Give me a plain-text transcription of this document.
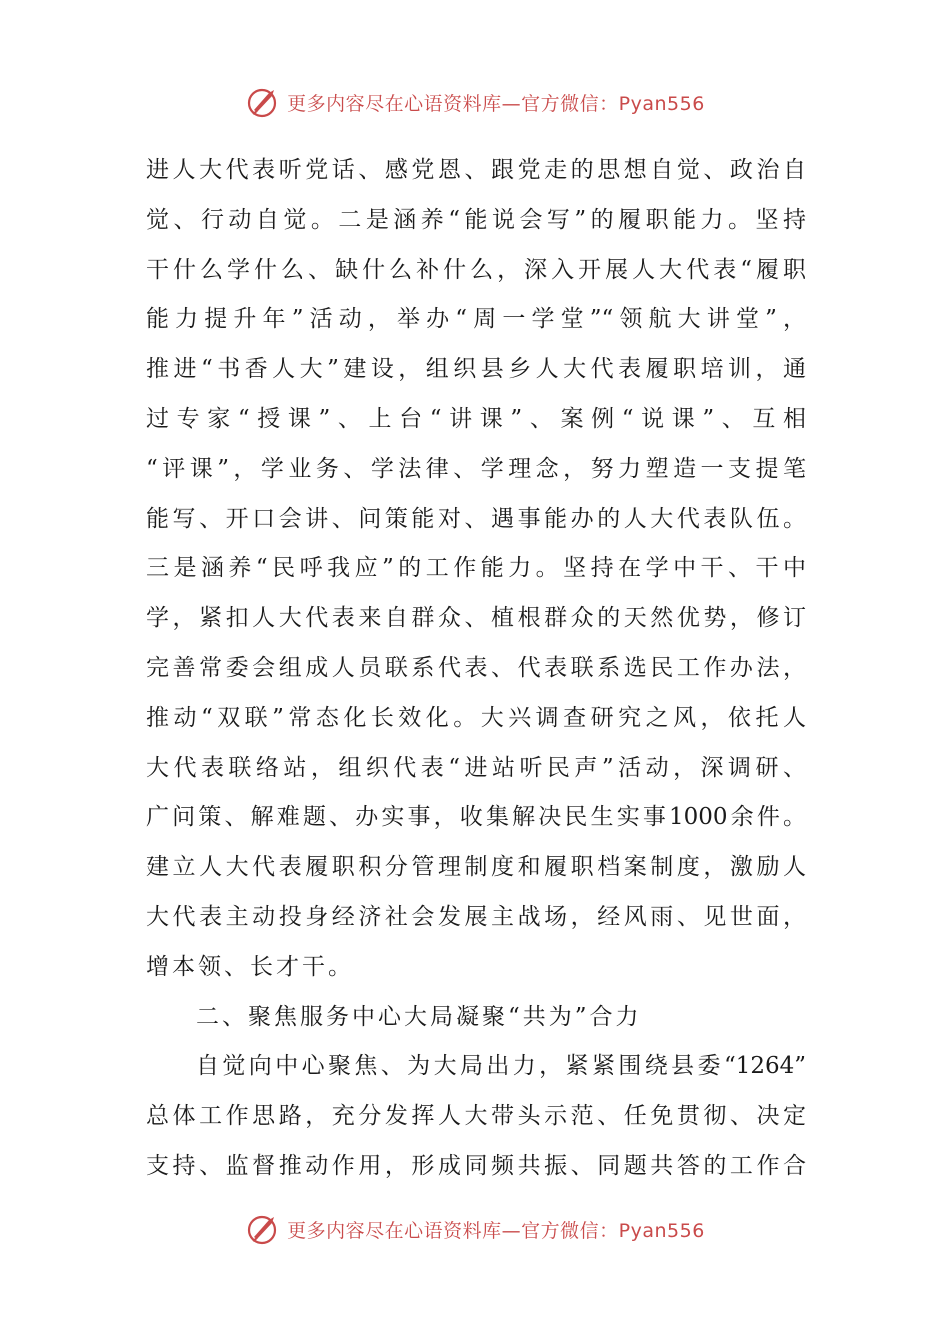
更多内容尽在心语资料库—官方微信：Pyan556
进人大代表听党话、感党恩、跟党走的思想自觉、政治自
觉、行动自觉。二是涵养“能说会写”的履职能力。坚持
干什么学什么、缺什么补什么，深入开展人大代表“履职
能力提升年”活动，举办“周一学堂”“领航大讲堂”，
推进“书香人大”建设，组织县乡人大代表履职培训，通
过专家“授课”、上台“讲课”、案例“说课”、互相
“评课”，学业务、学法律、学理念，努力塑造一支提笔
能写、开口会讲、问策能对、遇事能办的人大代表队伍。
三是涵养“民呼我应”的工作能力。坚持在学中干、干中
学，紧扣人大代表来自群众、植根群众的天然优势，修订
完善常委会组成人员联系代表、代表联系选民工作办法，
推动“双联”常态化长效化。大兴调查研究之风，依托人
大代表联络站，组织代表“进站听民声”活动，深调研、
广问策、解难题、办实事，收集解决民生实事1000余件。
建立人大代表履职积分管理制度和履职档案制度，激励人
大代表主动投身经济社会发展主战场，经风雨、见世面，
增本领、长才干。
二、聚焦服务中心大局凝聚“共为”合力
自觉向中心聚焦、为大局出力，紧紧围绕县委“1264”
总体工作思路，充分发挥人大带头示范、任免贯彻、决定
支持、监督推动作用，形成同频共振、同题共答的工作合
更多内容尽在心语资料库—官方微信：Pyan556
